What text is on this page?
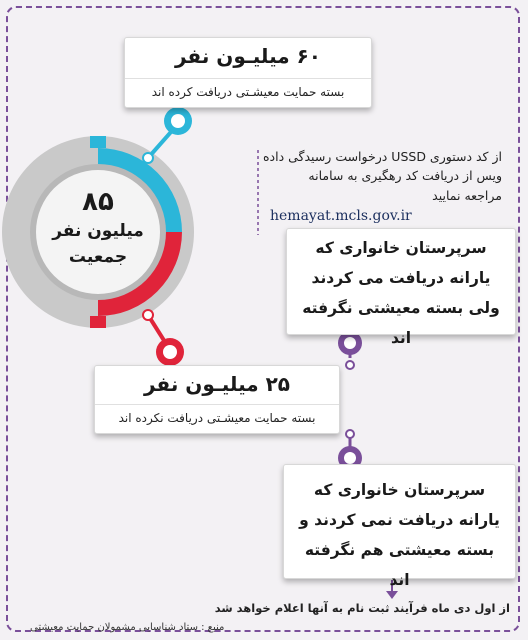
۶۰ میلیـون نفر
بسته حمایت معیشـتی دریافت کرده اند
۸۵
میلیون نفر
جمعیت
از کد دستوری USSD درخواست رسیدگی داده
ویس از دریافت کد رهگیری به سامانه
مراجعه نمایید
hemayat.mcls.gov.ir
سرپرستان خانواری که
یارانه دریافت می کردند
ولی بسته معیشتی نگرفته اند
۲۵ میلیـون نفر
بسته حمایت معیشـتی دریافت نکرده اند
سرپرستان خانواری که
یارانه دریافت نمی کردند و
بسته معیشتی هم نگرفته اند
از اول دی ماه فرآیند ثبت نام به آنها اعلام خواهد شد
منبع : ستاد شناسایی مشمولان حمایت معیشتی
